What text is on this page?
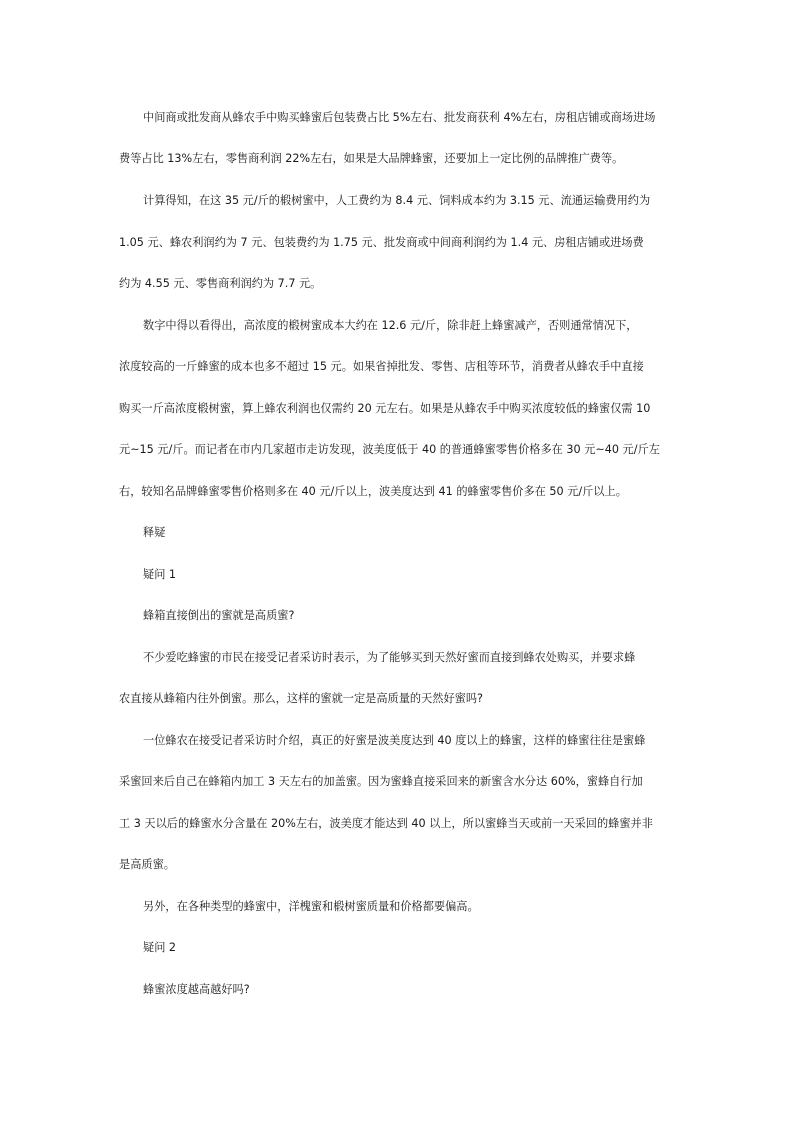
中间商或批发商从蜂农手中购买蜂蜜后包装费占比 5%左右、批发商获利 4%左右，房租店铺或商场进场
费等占比 13%左右，零售商利润 22%左右，如果是大品牌蜂蜜，还要加上一定比例的品牌推广费等。
计算得知，在这 35 元/斤的椴树蜜中，人工费约为 8.4 元、饲料成本约为 3.15 元、流通运输费用约为
1.05 元、蜂农利润约为 7 元、包装费约为 1.75 元、批发商或中间商利润约为 1.4 元、房租店铺或进场费
约为 4.55 元、零售商利润约为 7.7 元。
数字中得以看得出，高浓度的椴树蜜成本大约在 12.6 元/斤，除非赶上蜂蜜减产，否则通常情况下，
浓度较高的一斤蜂蜜的成本也多不超过 15 元。如果省掉批发、零售、店租等环节，消费者从蜂农手中直接
购买一斤高浓度椴树蜜，算上蜂农利润也仅需约 20 元左右。如果是从蜂农手中购买浓度较低的蜂蜜仅需 10
元~15 元/斤。而记者在市内几家超市走访发现，波美度低于 40 的普通蜂蜜零售价格多在 30 元~40 元/斤左
右，较知名品牌蜂蜜零售价格则多在 40 元/斤以上，波美度达到 41 的蜂蜜零售价多在 50 元/斤以上。
释疑
疑问 1
蜂箱直接倒出的蜜就是高质蜜?
不少爱吃蜂蜜的市民在接受记者采访时表示，为了能够买到天然好蜜而直接到蜂农处购买，并要求蜂
农直接从蜂箱内往外倒蜜。那么，这样的蜜就一定是高质量的天然好蜜吗?
一位蜂农在接受记者采访时介绍，真正的好蜜是波美度达到 40 度以上的蜂蜜，这样的蜂蜜往往是蜜蜂
采蜜回来后自己在蜂箱内加工 3 天左右的加盖蜜。因为蜜蜂直接采回来的新蜜含水分达 60%，蜜蜂自行加
工 3 天以后的蜂蜜水分含量在 20%左右，波美度才能达到 40 以上，所以蜜蜂当天或前一天采回的蜂蜜并非
是高质蜜。
另外，在各种类型的蜂蜜中，洋槐蜜和椴树蜜质量和价格都要偏高。
疑问 2
蜂蜜浓度越高越好吗?
